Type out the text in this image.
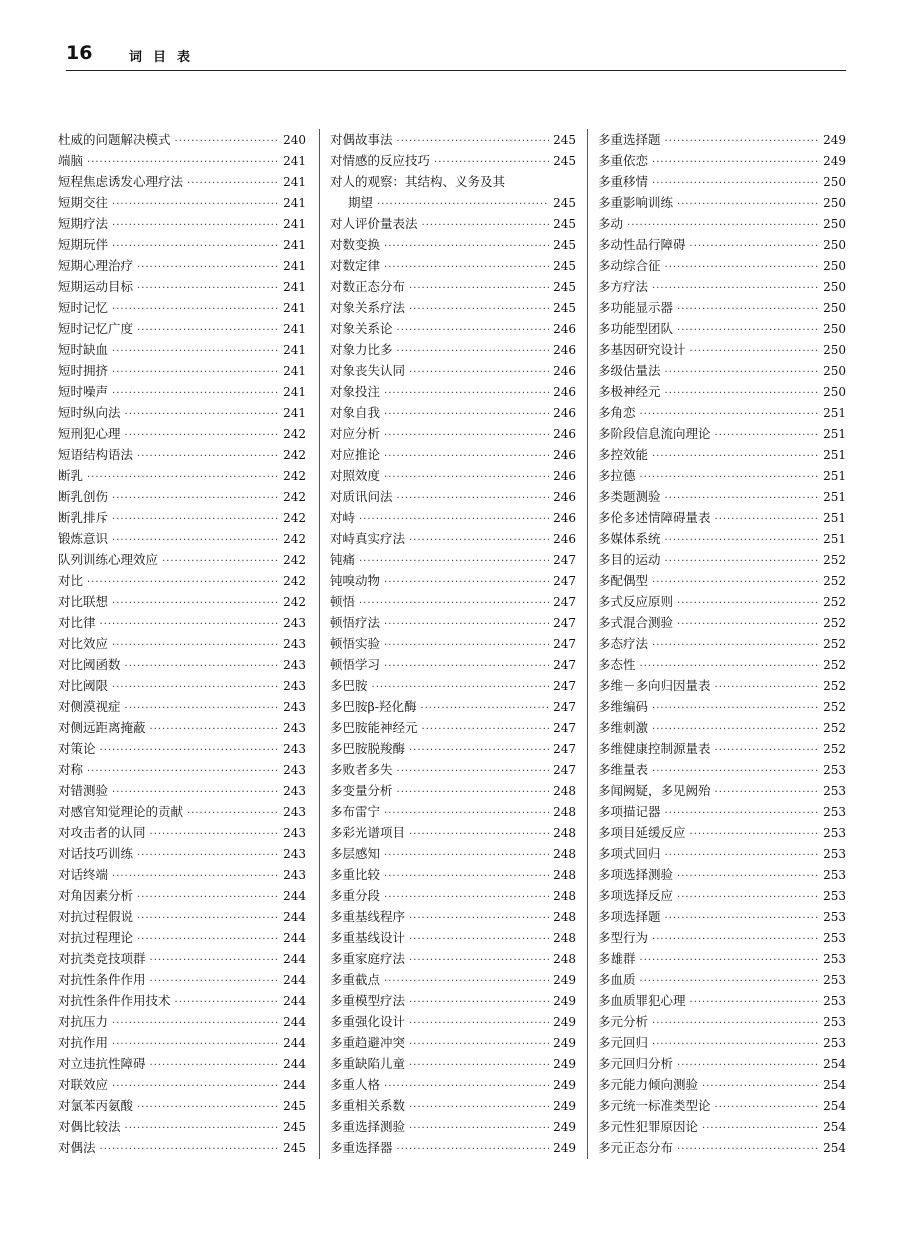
16	词目表
杜威的问题解决模式 ·····	240
端脑 ·····	241
短程焦虑诱发心理疗法 ·····	241
短期交往 ·····	241
短期疗法 ·····	241
短期玩伴 ·····	241
短期心理治疗 ·····	241
短期运动目标 ·····	241
短时记忆 ·····	241
短时记忆广度 ·····	241
短时缺血 ·····	241
短时拥挤 ·····	241
短时噪声 ·····	241
短时纵向法 ·····	241
短刑犯心理 ·····	242
短语结构语法 ·····	242
断乳 ·····	242
断乳创伤 ·····	242
断乳排斥 ·····	242
锻炼意识 ·····	242
队列训练心理效应 ·····	242
对比 ·····	242
对比联想 ·····	242
对比律 ·····	243
对比效应 ·····	243
对比阈函数 ·····	243
对比阈限 ·····	243
对侧漠视症 ·····	243
对侧远距离掩蔽 ·····	243
对策论 ·····	243
对称 ·····	243
对错测验 ·····	243
对感官知觉理论的贡献 ·····	243
对攻击者的认同 ·····	243
对话技巧训练 ·····	243
对话终端 ·····	243
对角因素分析 ·····	244
对抗过程假说 ·····	244
对抗过程理论 ·····	244
对抗类竞技项群 ·····	244
对抗性条件作用 ·····	244
对抗性条件作用技术 ·····	244
对抗压力 ·····	244
对抗作用 ·····	244
对立违抗性障碍 ·····	244
对联效应 ·····	244
对氯苯丙氨酸 ·····	245
对偶比较法 ·····	245
对偶法 ·····	245
对偶故事法 ·····	245
对情感的反应技巧 ·····	245
对人的观察：其结构、义务及其
期望 ·····	245
对人评价量表法 ·····	245
对数变换 ·····	245
对数定律 ·····	245
对数正态分布 ·····	245
对象关系疗法 ·····	245
对象关系论 ·····	246
对象力比多 ·····	246
对象丧失认同 ·····	246
对象投注 ·····	246
对象自我 ·····	246
对应分析 ·····	246
对应推论 ·····	246
对照效度 ·····	246
对质讯问法 ·····	246
对峙 ·····	246
对峙真实疗法 ·····	246
钝痛 ·····	247
钝嗅动物 ·····	247
顿悟 ·····	247
顿悟疗法 ·····	247
顿悟实验 ·····	247
顿悟学习 ·····	247
多巴胺 ·····	247
多巴胺β-羟化酶 ·····	247
多巴胺能神经元 ·····	247
多巴胺脱羧酶 ·····	247
多败者多失 ·····	247
多变量分析 ·····	248
多布雷宁 ·····	248
多彩光谱项目 ·····	248
多层感知 ·····	248
多重比较 ·····	248
多重分段 ·····	248
多重基线程序 ·····	248
多重基线设计 ·····	248
多重家庭疗法 ·····	248
多重截点 ·····	249
多重模型疗法 ·····	249
多重强化设计 ·····	249
多重趋避冲突 ·····	249
多重缺陷儿童 ·····	249
多重人格 ·····	249
多重相关系数 ·····	249
多重选择测验 ·····	249
多重选择器 ·····	249
多重选择题 ·····	249
多重依恋 ·····	249
多重移情 ·····	250
多重影响训练 ·····	250
多动 ·····	250
多动性品行障碍 ·····	250
多动综合征 ·····	250
多方疗法 ·····	250
多功能显示器 ·····	250
多功能型团队 ·····	250
多基因研究设计 ·····	250
多级估量法 ·····	250
多极神经元 ·····	250
多角恋 ·····	251
多阶段信息流向理论 ·····	251
多控效能 ·····	251
多拉德 ·····	251
多类题测验 ·····	251
多伦多述情障碍量表 ·····	251
多媒体系统 ·····	251
多目的运动 ·····	252
多配偶型 ·····	252
多式反应原则 ·····	252
多式混合测验 ·····	252
多态疗法 ·····	252
多态性 ·····	252
多维－多向归因量表 ·····	252
多维编码 ·····	252
多维刺激 ·····	252
多维健康控制源量表 ·····	252
多维量表 ·····	253
多闻阙疑，多见阙殆 ·····	253
多项描记器 ·····	253
多项目延缓反应 ·····	253
多项式回归 ·····	253
多项选择测验 ·····	253
多项选择反应 ·····	253
多项选择题 ·····	253
多型行为 ·····	253
多雄群 ·····	253
多血质 ·····	253
多血质罪犯心理 ·····	253
多元分析 ·····	253
多元回归 ·····	253
多元回归分析 ·····	254
多元能力倾向测验 ·····	254
多元统一标准类型论 ·····	254
多元性犯罪原因论 ·····	254
多元正态分布 ·····	254
